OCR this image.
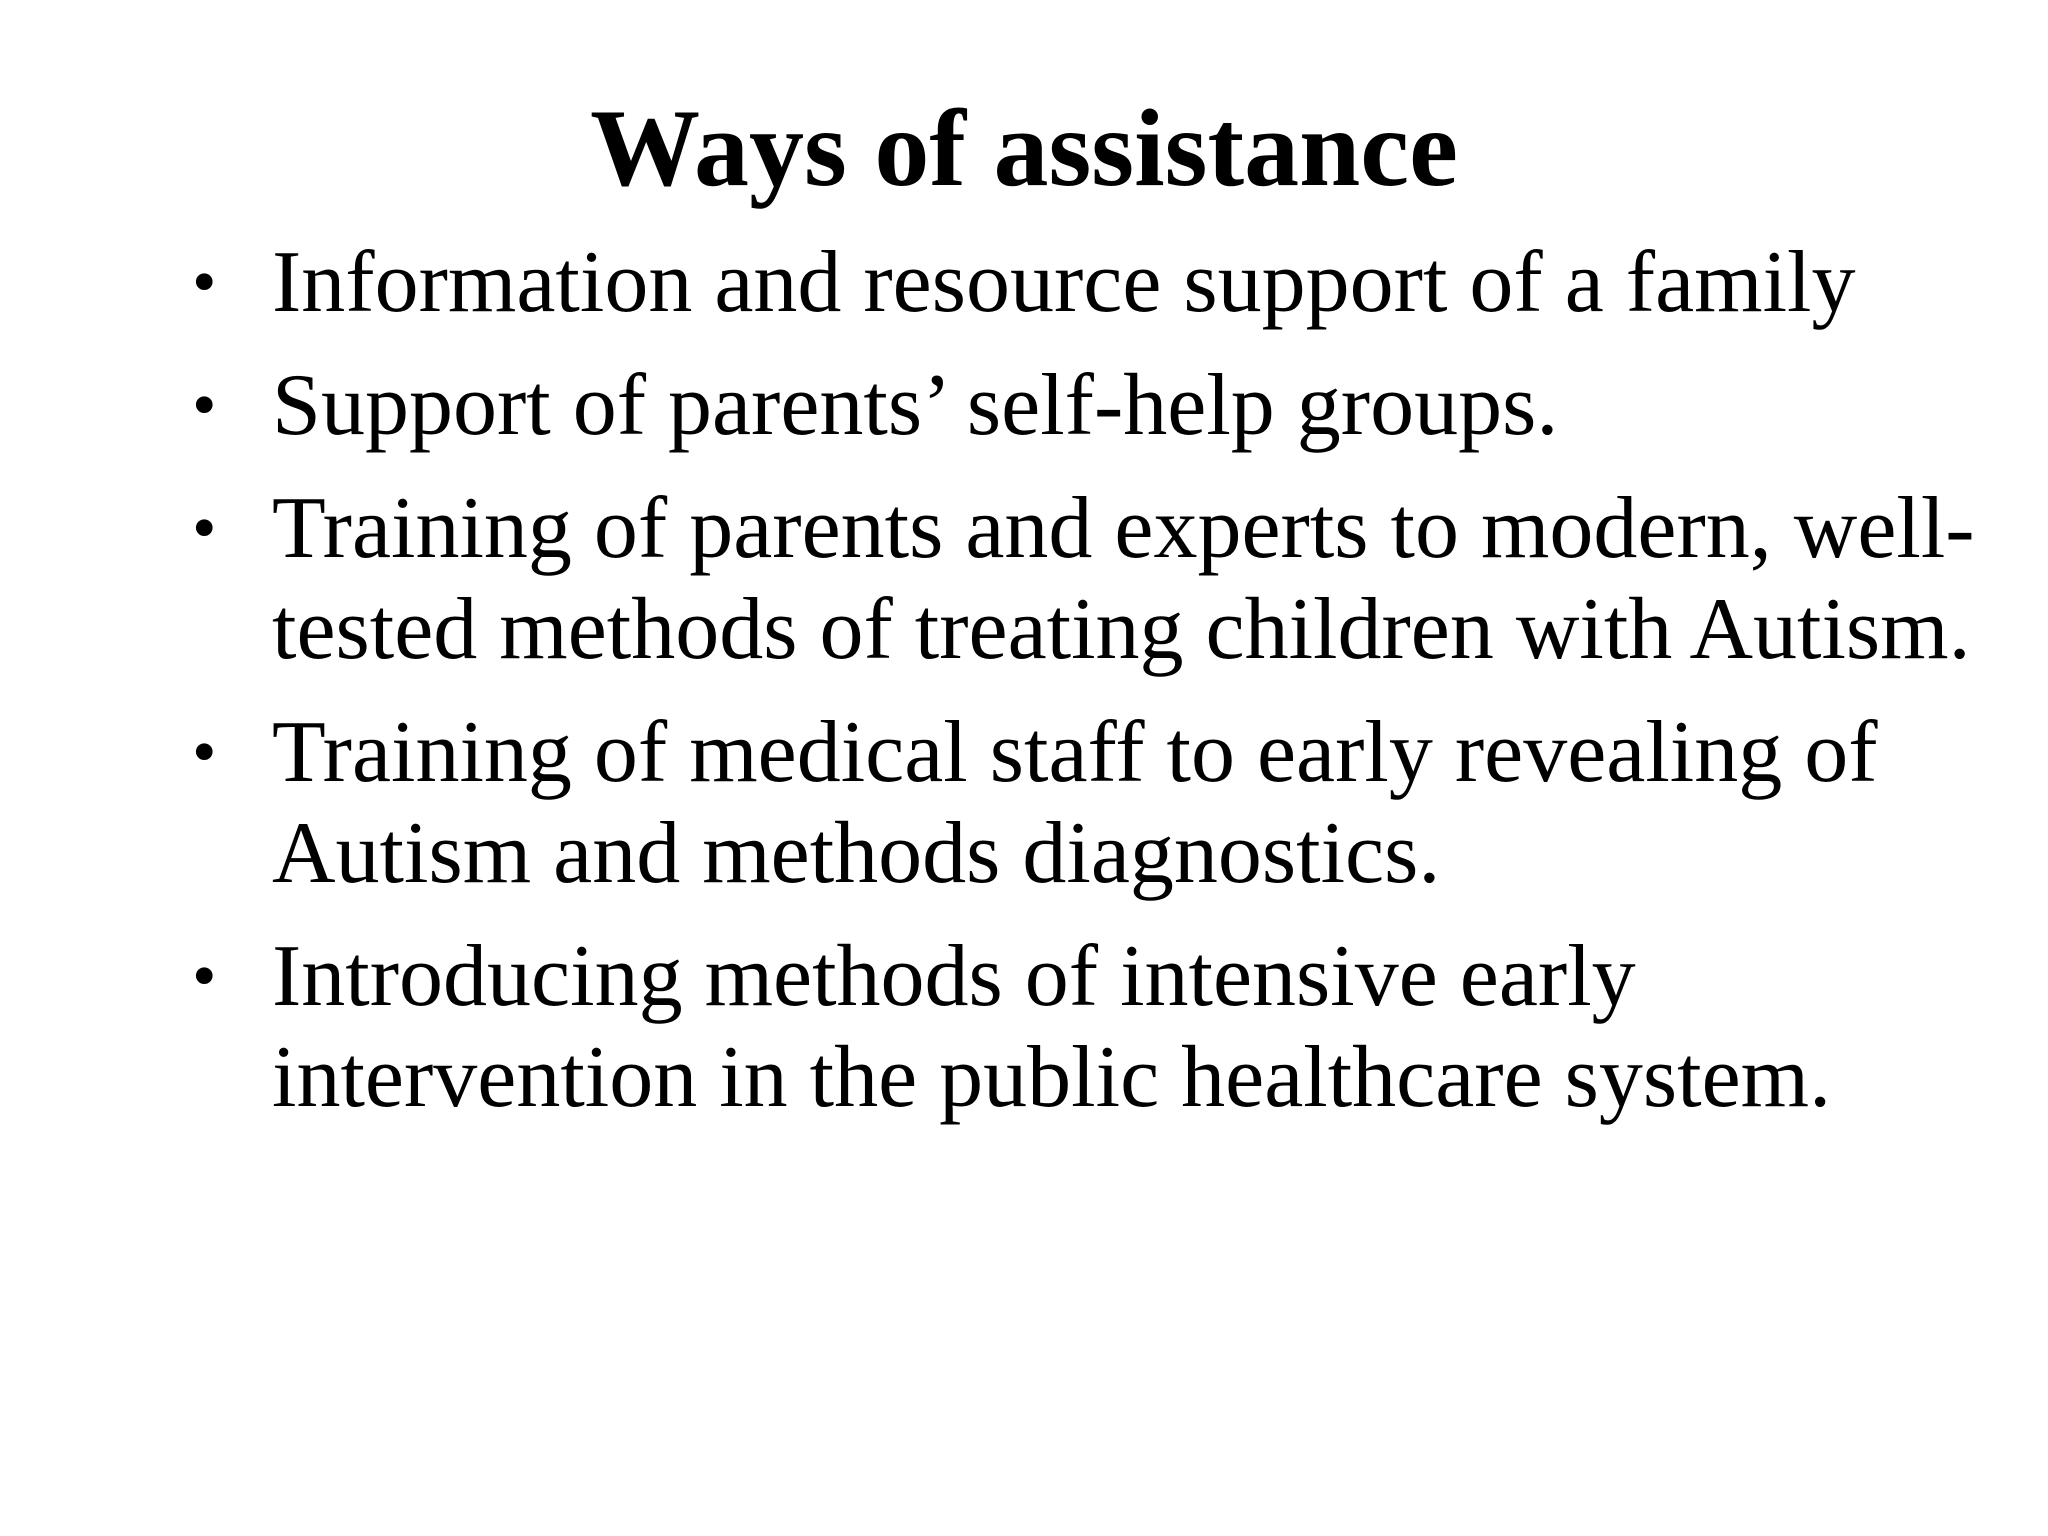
Ways of assistance
• Information and resource support of a family
• Support of parents’ self-help groups.
• Training of parents and experts to modern, well-tested methods of treating children with Autism.
• Training of medical staff to early revealing of Autism and methods diagnostics.
• Introducing methods of intensive early intervention in the public healthcare system.
